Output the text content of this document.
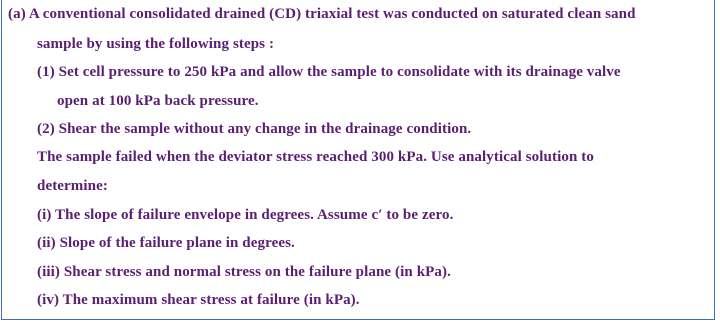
(a) A conventional consolidated drained (CD) triaxial test was conducted on saturated clean sand
sample by using the following steps :
(1) Set cell pressure to 250 kPa and allow the sample to consolidate with its drainage valve
open at 100 kPa back pressure.
(2) Shear the sample without any change in the drainage condition.
The sample failed when the deviator stress reached 300 kPa. Use analytical solution to
determine:
(i) The slope of failure envelope in degrees. Assume c′ to be zero.
(ii) Slope of the failure plane in degrees.
(iii) Shear stress and normal stress on the failure plane (in kPa).
(iv) The maximum shear stress at failure (in kPa).
